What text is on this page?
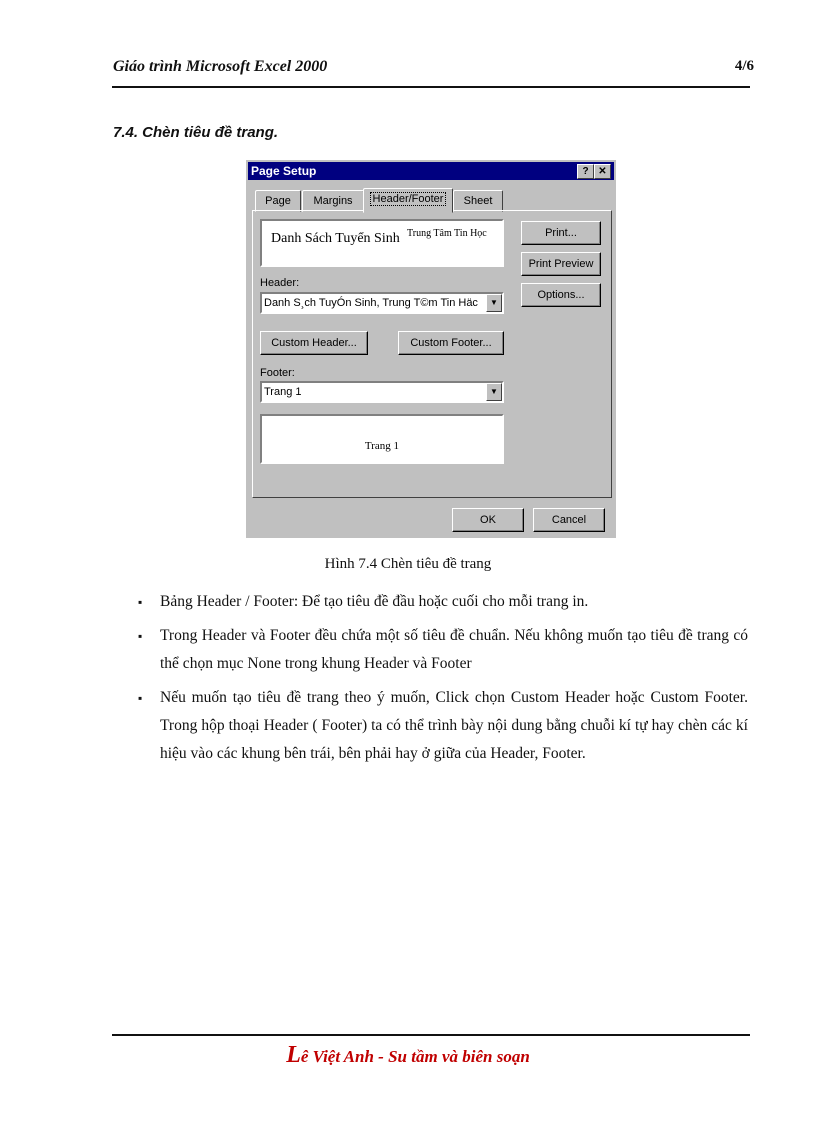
Giáo trình Microsoft Excel 2000	4/6
7.4. Chèn tiêu đề trang.
Page Setup	? ✕
Page	Margins	Header/Footer	Sheet
Danh Sách Tuyển Sinh Trung Tâm Tin Học
Header:
Danh S¸ch TuyÓn Sinh, Trung T©m Tin Häc	▼
Custom Header...	Custom Footer...
Footer:
Trang 1	▼
Trang 1
Print...
Print Preview
Options...
OK	Cancel
Hình 7.4 Chèn tiêu đề trang
▪ Bảng Header / Footer: Để tạo tiêu đề đầu hoặc cuối cho mỗi trang in.
▪ Trong Header và Footer đều chứa một số tiêu đề chuẩn. Nếu không muốn tạo tiêu đề trang có thể chọn mục None trong khung Header và Footer
▪ Nếu muốn tạo tiêu đề trang theo ý muốn, Click chọn Custom Header hoặc Custom Footer. Trong hộp thoại Header ( Footer) ta có thể trình bày nội dung bằng chuỗi kí tự hay chèn các kí hiệu vào các khung bên trái, bên phải hay ở giữa của Header, Footer.
Lê Việt Anh - Su tầm và biên soạn
